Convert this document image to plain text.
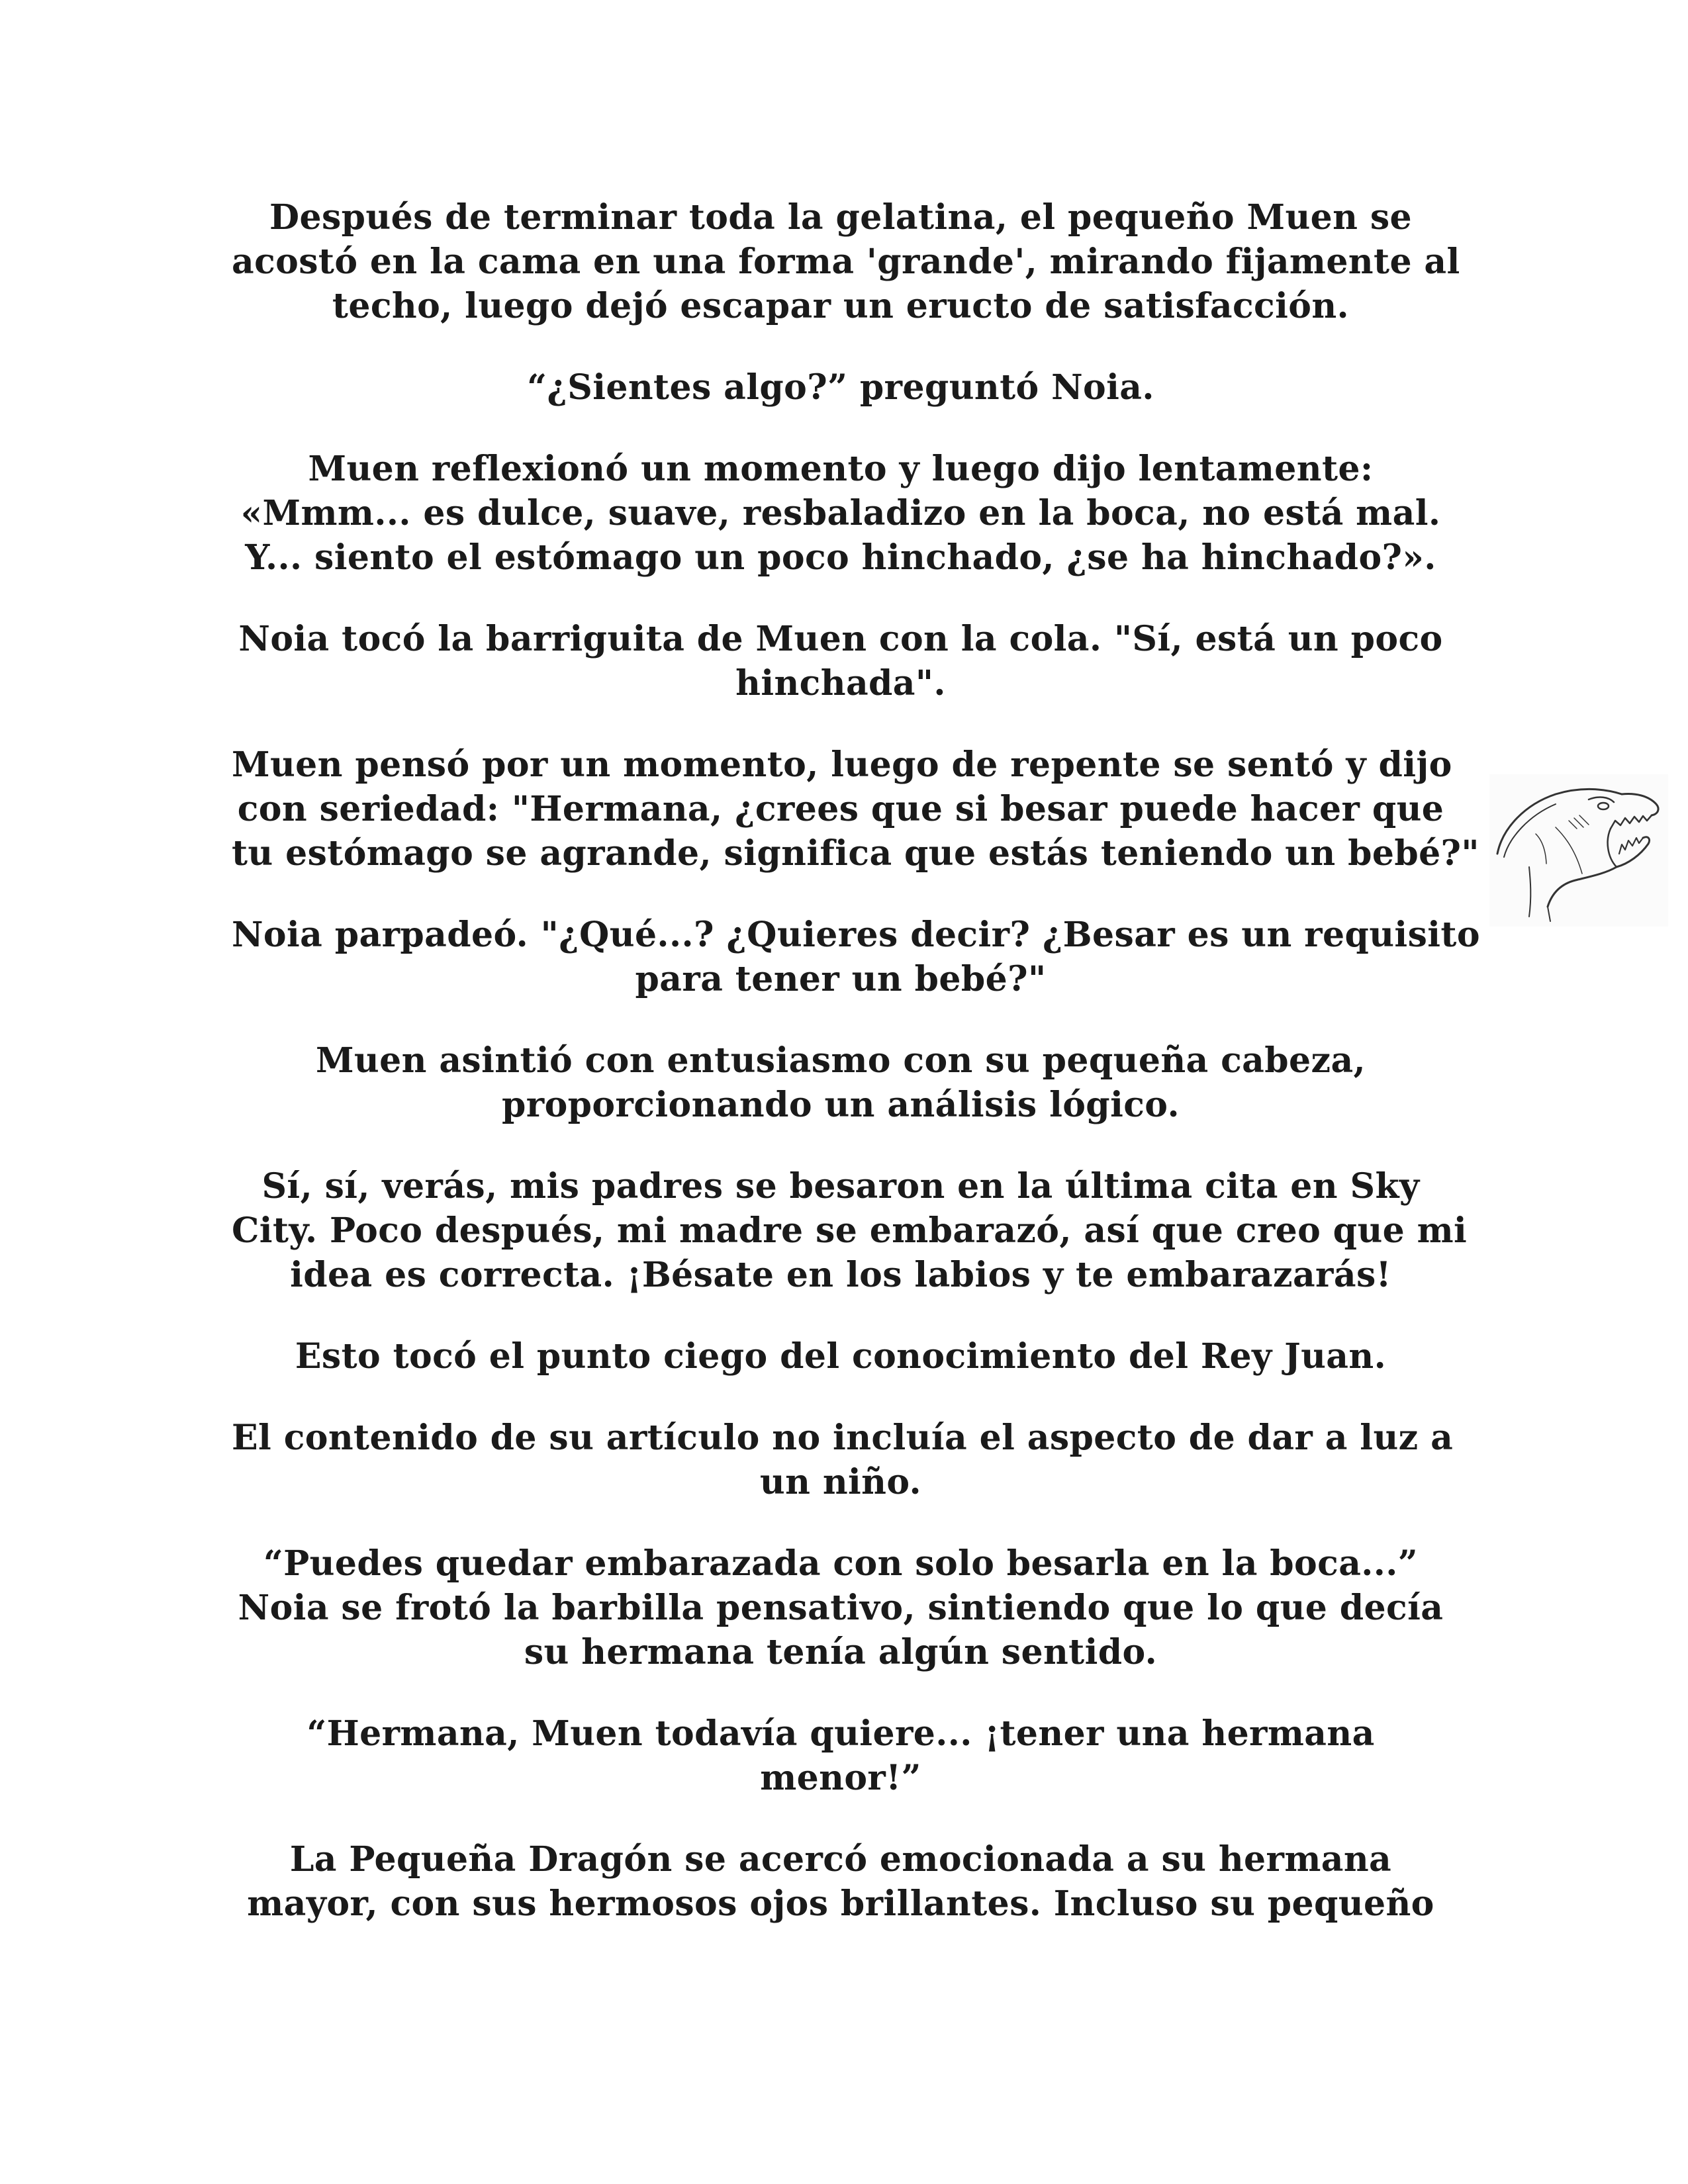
Después de terminar toda la gelatina, el pequeño Muen se
acostó en la cama en una forma 'grande', mirando fijamente al
techo, luego dejó escapar un eructo de satisfacción.

“¿Sientes algo?” preguntó Noia.

Muen reflexionó un momento y luego dijo lentamente:
«Mmm... es dulce, suave, resbaladizo en la boca, no está mal.
Y... siento el estómago un poco hinchado, ¿se ha hinchado?».

Noia tocó la barriguita de Muen con la cola. "Sí, está un poco
hinchada".

Muen pensó por un momento, luego de repente se sentó y dijo
con seriedad: "Hermana, ¿crees que si besar puede hacer que
tu estómago se agrande, significa que estás teniendo un bebé?"

Noia parpadeó. "¿Qué...? ¿Quieres decir? ¿Besar es un requisito
para tener un bebé?"

Muen asintió con entusiasmo con su pequeña cabeza,
proporcionando un análisis lógico.

Sí, sí, verás, mis padres se besaron en la última cita en Sky
City. Poco después, mi madre se embarazó, así que creo que mi
idea es correcta. ¡Bésate en los labios y te embarazarás!

Esto tocó el punto ciego del conocimiento del Rey Juan.

El contenido de su artículo no incluía el aspecto de dar a luz a
un niño.

“Puedes quedar embarazada con solo besarla en la boca...”
Noia se frotó la barbilla pensativo, sintiendo que lo que decía
su hermana tenía algún sentido.

“Hermana, Muen todavía quiere... ¡tener una hermana
menor!”

La Pequeña Dragón se acercó emocionada a su hermana
mayor, con sus hermosos ojos brillantes. Incluso su pequeño
